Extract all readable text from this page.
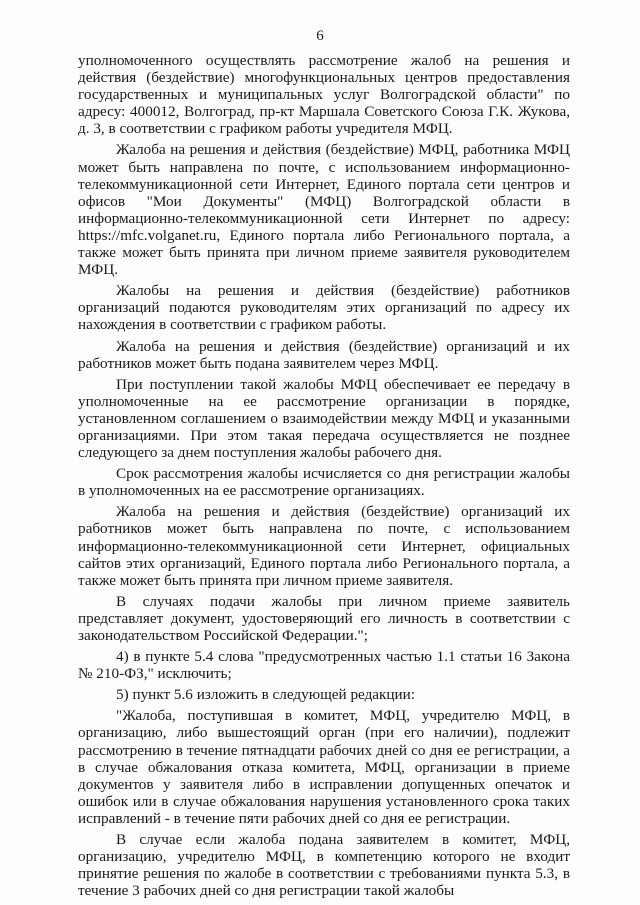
6

уполномоченного осуществлять рассмотрение жалоб на решения и действия (бездействие) многофункциональных центров предоставления государственных и муниципальных услуг Волгоградской области" по адресу: 400012, Волгоград, пр-кт Маршала Советского Союза Г.К. Жукова, д. 3, в соответствии с графиком работы учредителя МФЦ.

Жалоба на решения и действия (бездействие) МФЦ, работника МФЦ может быть направлена по почте, с использованием информационно-телекоммуникационной сети Интернет, Единого портала сети центров и офисов "Мои Документы" (МФЦ) Волгоградской области в информационно-телекоммуникационной сети Интернет по адресу: https://mfc.volganet.ru, Единого портала либо Регионального портала, а также может быть принята при личном приеме заявителя руководителем МФЦ.

Жалобы на решения и действия (бездействие) работников организаций подаются руководителям этих организаций по адресу их нахождения в соответствии с графиком работы.

Жалоба на решения и действия (бездействие) организаций и их работников может быть подана заявителем через МФЦ.

При поступлении такой жалобы МФЦ обеспечивает ее передачу в уполномоченные на ее рассмотрение организации в порядке, установленном соглашением о взаимодействии между МФЦ и указанными организациями. При этом такая передача осуществляется не позднее следующего за днем поступления жалобы рабочего дня.

Срок рассмотрения жалобы исчисляется со дня регистрации жалобы в уполномоченных на ее рассмотрение организациях.

Жалоба на решения и действия (бездействие) организаций их работников может быть направлена по почте, с использованием информационно-телекоммуникационной сети Интернет, официальных сайтов этих организаций, Единого портала либо Регионального портала, а также может быть принята при личном приеме заявителя.

В случаях подачи жалобы при личном приеме заявитель представляет документ, удостоверяющий его личность в соответствии с законодательством Российской Федерации.";

4) в пункте 5.4 слова "предусмотренных частью 1.1 статьи 16 Закона № 210-ФЗ," исключить;

5) пункт 5.6 изложить в следующей редакции:

"Жалоба, поступившая в комитет, МФЦ, учредителю МФЦ, в организацию, либо вышестоящий орган (при его наличии), подлежит рассмотрению в течение пятнадцати рабочих дней со дня ее регистрации, а в случае обжалования отказа комитета, МФЦ, организации в приеме документов у заявителя либо в исправлении допущенных опечаток и ошибок или в случае обжалования нарушения установленного срока таких исправлений - в течение пяти рабочих дней со дня ее регистрации.

В случае если жалоба подана заявителем в комитет, МФЦ, организацию, учредителю МФЦ, в компетенцию которого не входит принятие решения по жалобе в соответствии с требованиями пункта 5.3, в течение 3 рабочих дней со дня регистрации такой жалобы
